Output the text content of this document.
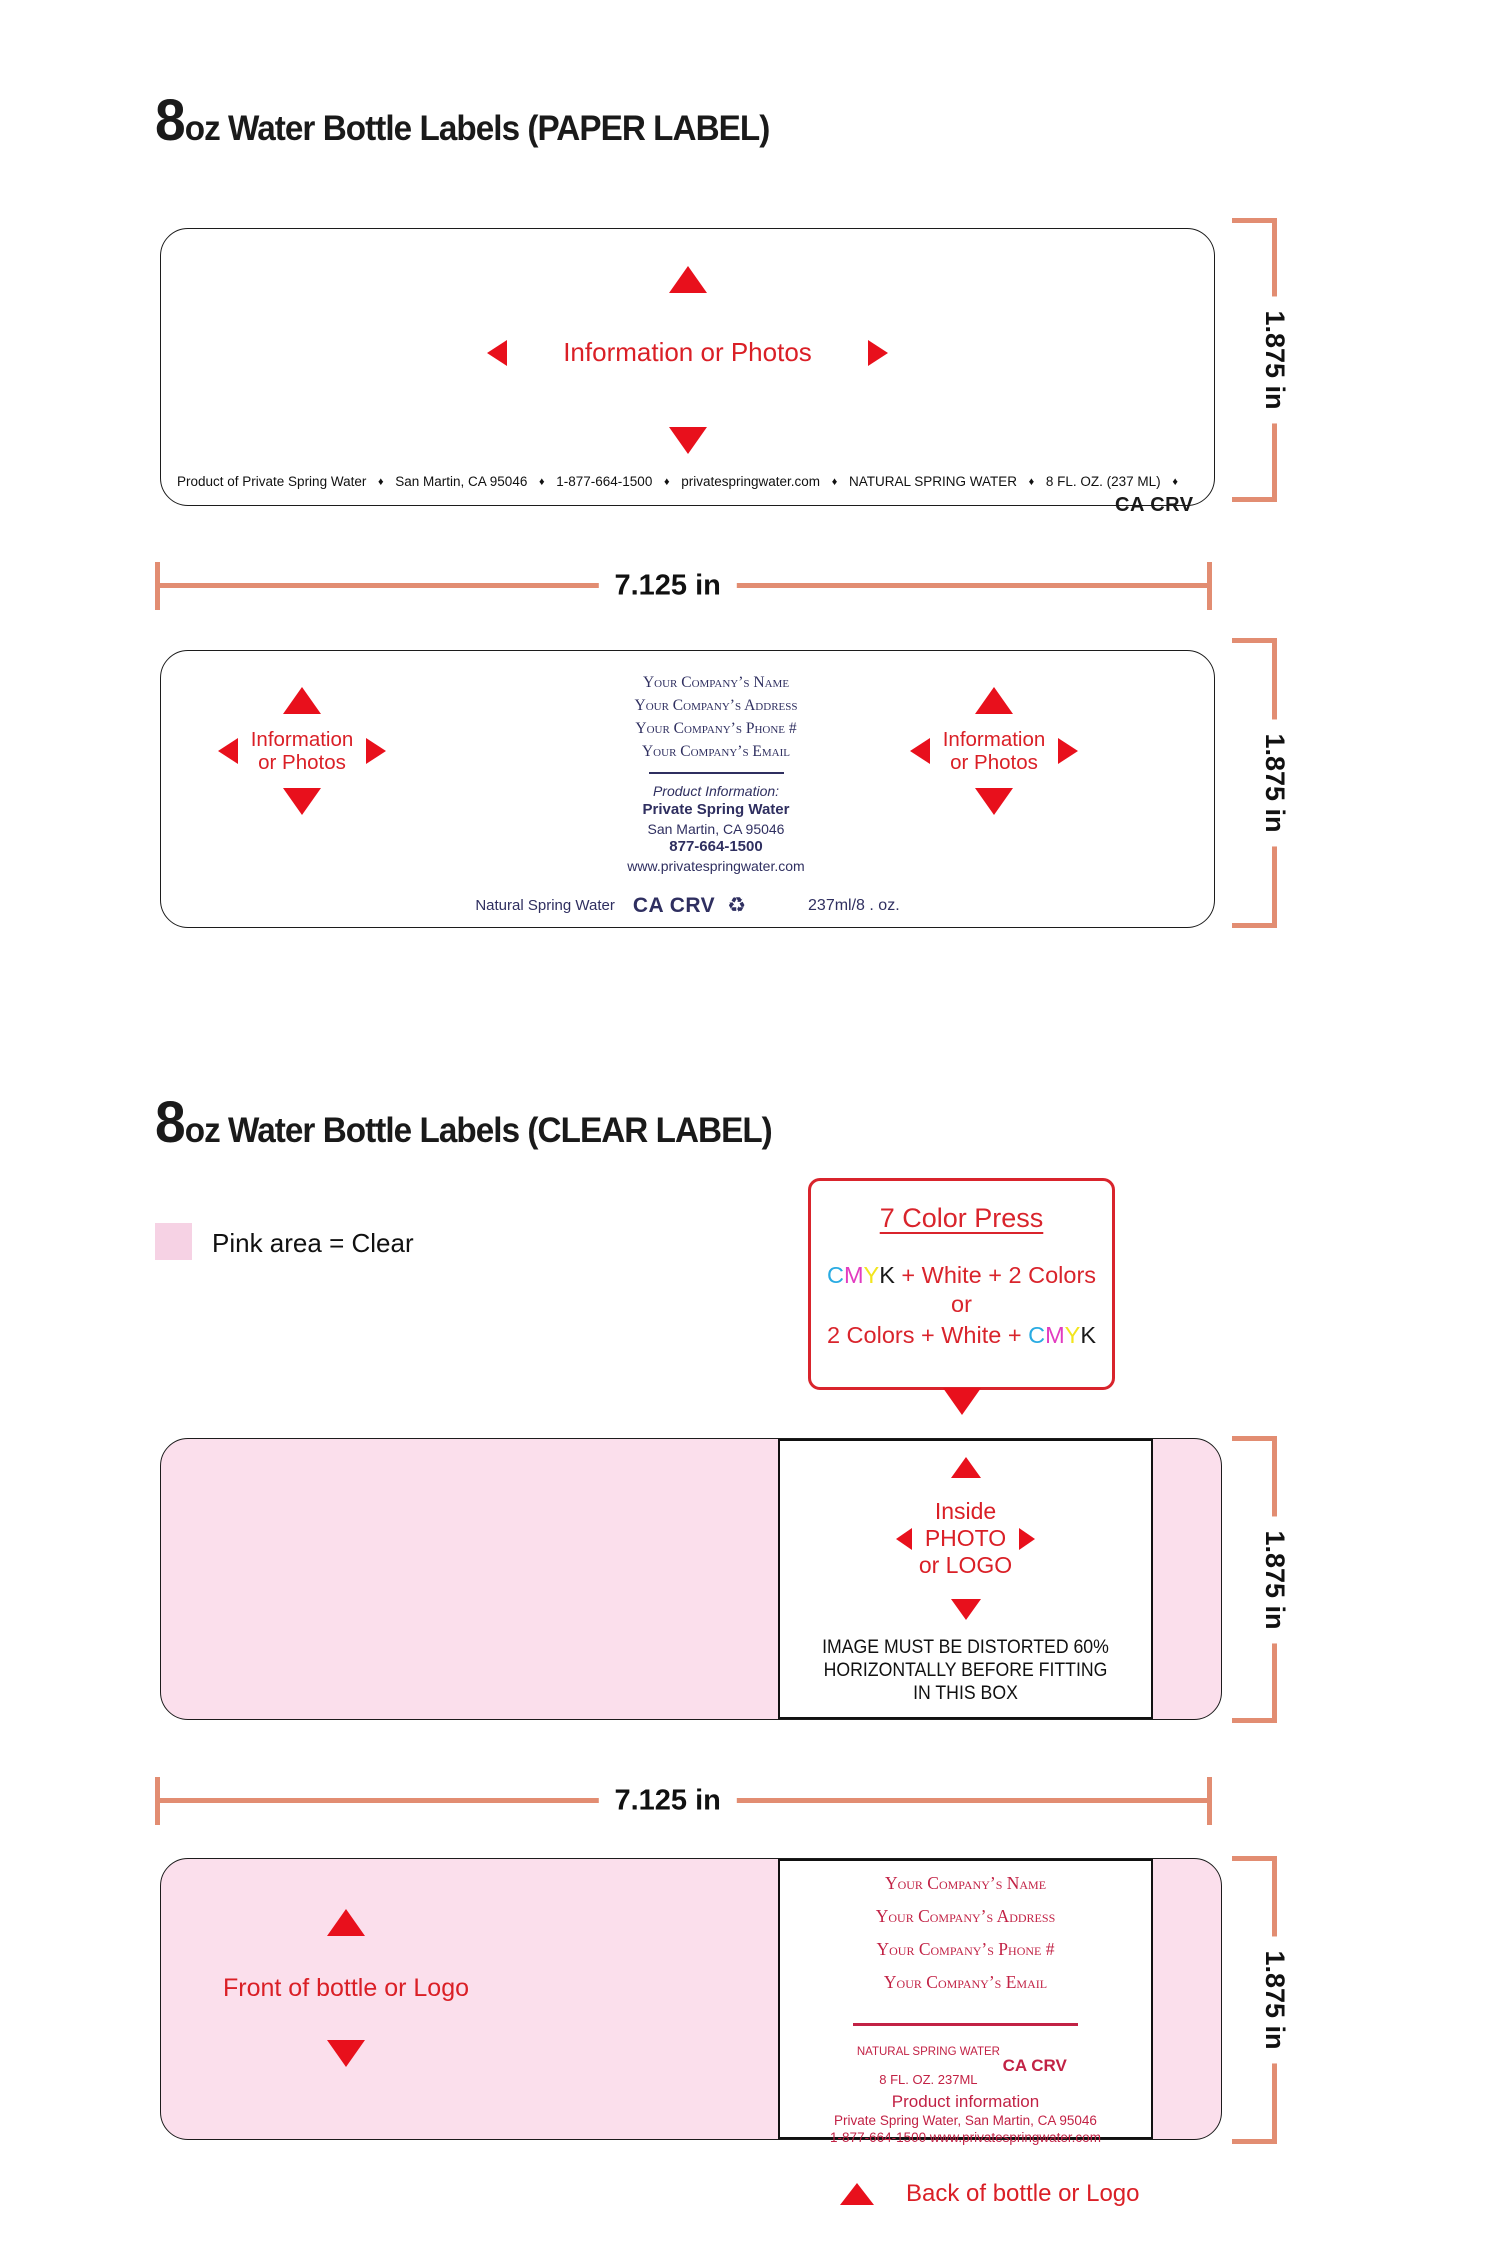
8 oz Water Bottle Labels (PAPER LABEL)
Information or Photos
Product of Private Spring Water ♦ San Martin, CA 95046 ♦ 1-877-664-1500 ♦ privatespringwater.com ♦ NATURAL SPRING WATER ♦ 8 FL. OZ. (237 ML) ♦
CA CRV
1.875 in
7.125 in
Information
or Photos
Your Company’s Name
Your Company’s Address
Your Company’s Phone #
Your Company’s Email
Product Information:
Private Spring Water
San Martin, CA 95046
877-664-1500
www.privatespringwater.com
Information
or Photos
Natural Spring Water CA CRV ♻	237ml/8 . oz.
1.875 in
8 oz Water Bottle Labels (CLEAR LABEL)
Pink area = Clear
7 Color Press
CMYK + White + 2 Colors
or
2 Colors + White + CMYK
Inside
PHOTO
or LOGO
IMAGE MUST BE DISTORTED 60%
HORIZONTALLY BEFORE FITTING
IN THIS BOX
1.875 in
7.125 in
Front of bottle or Logo
Your Company’s Name
Your Company’s Address
Your Company’s Phone #
Your Company’s Email
NATURAL SPRING WATER
8 FL. OZ. 237ML
CA CRV
Product information
Private Spring Water, San Martin, CA 95046
1-877-664-1500 www.privatespringwater.com
1.875 in
Back of bottle or Logo
